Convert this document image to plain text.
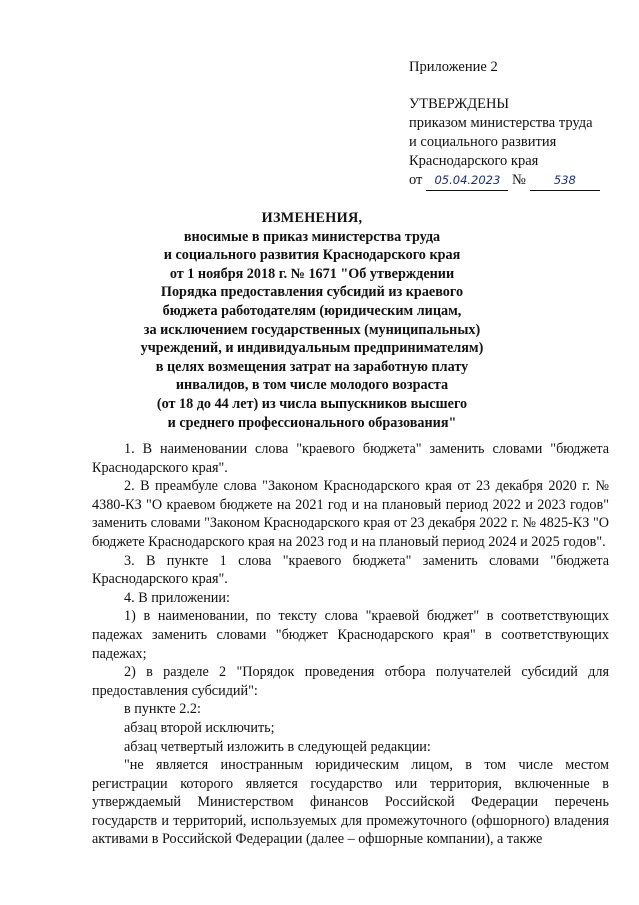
Приложение 2
УТВЕРЖДЕНЫ
приказом министерства труда
и социального развития
Краснодарского края
от 05.04.2023 № 538
ИЗМЕНЕНИЯ,
вносимые в приказ министерства труда
и социального развития Краснодарского края
от 1 ноября 2018 г. № 1671 "Об утверждении
Порядка предоставления субсидий из краевого
бюджета работодателям (юридическим лицам,
за исключением государственных (муниципальных)
учреждений, и индивидуальным предпринимателям)
в целях возмещения затрат на заработную плату
инвалидов, в том числе молодого возраста
(от 18 до 44 лет) из числа выпускников высшего
и среднего профессионального образования"

1. В наименовании слова "краевого бюджета" заменить словами "бюджета Краснодарского края".

2. В преамбуле слова "Законом Краснодарского края от 23 декабря 2020 г. № 4380-КЗ "О краевом бюджете на 2021 год и на плановый период 2022 и 2023 годов" заменить словами "Законом Краснодарского края от 23 декабря 2022 г. № 4825-КЗ "О бюджете Краснодарского края на 2023 год и на плановый период 2024 и 2025 годов".

3. В пункте 1 слова "краевого бюджета" заменить словами "бюджета Краснодарского края".

4. В приложении:

1) в наименовании, по тексту слова "краевой бюджет" в соответствующих падежах заменить словами "бюджет Краснодарского края" в соответствующих падежах;

2) в разделе 2 "Порядок проведения отбора получателей субсидий для предоставления субсидий":

в пункте 2.2:

абзац второй исключить;

абзац четвертый изложить в следующей редакции:

"не является иностранным юридическим лицом, в том числе местом регистрации которого является государство или территория, включенные в утверждаемый Министерством финансов Российской Федерации перечень государств и территорий, используемых для промежуточного (офшорного) владения активами в Российской Федерации (далее – офшорные компании), а также
